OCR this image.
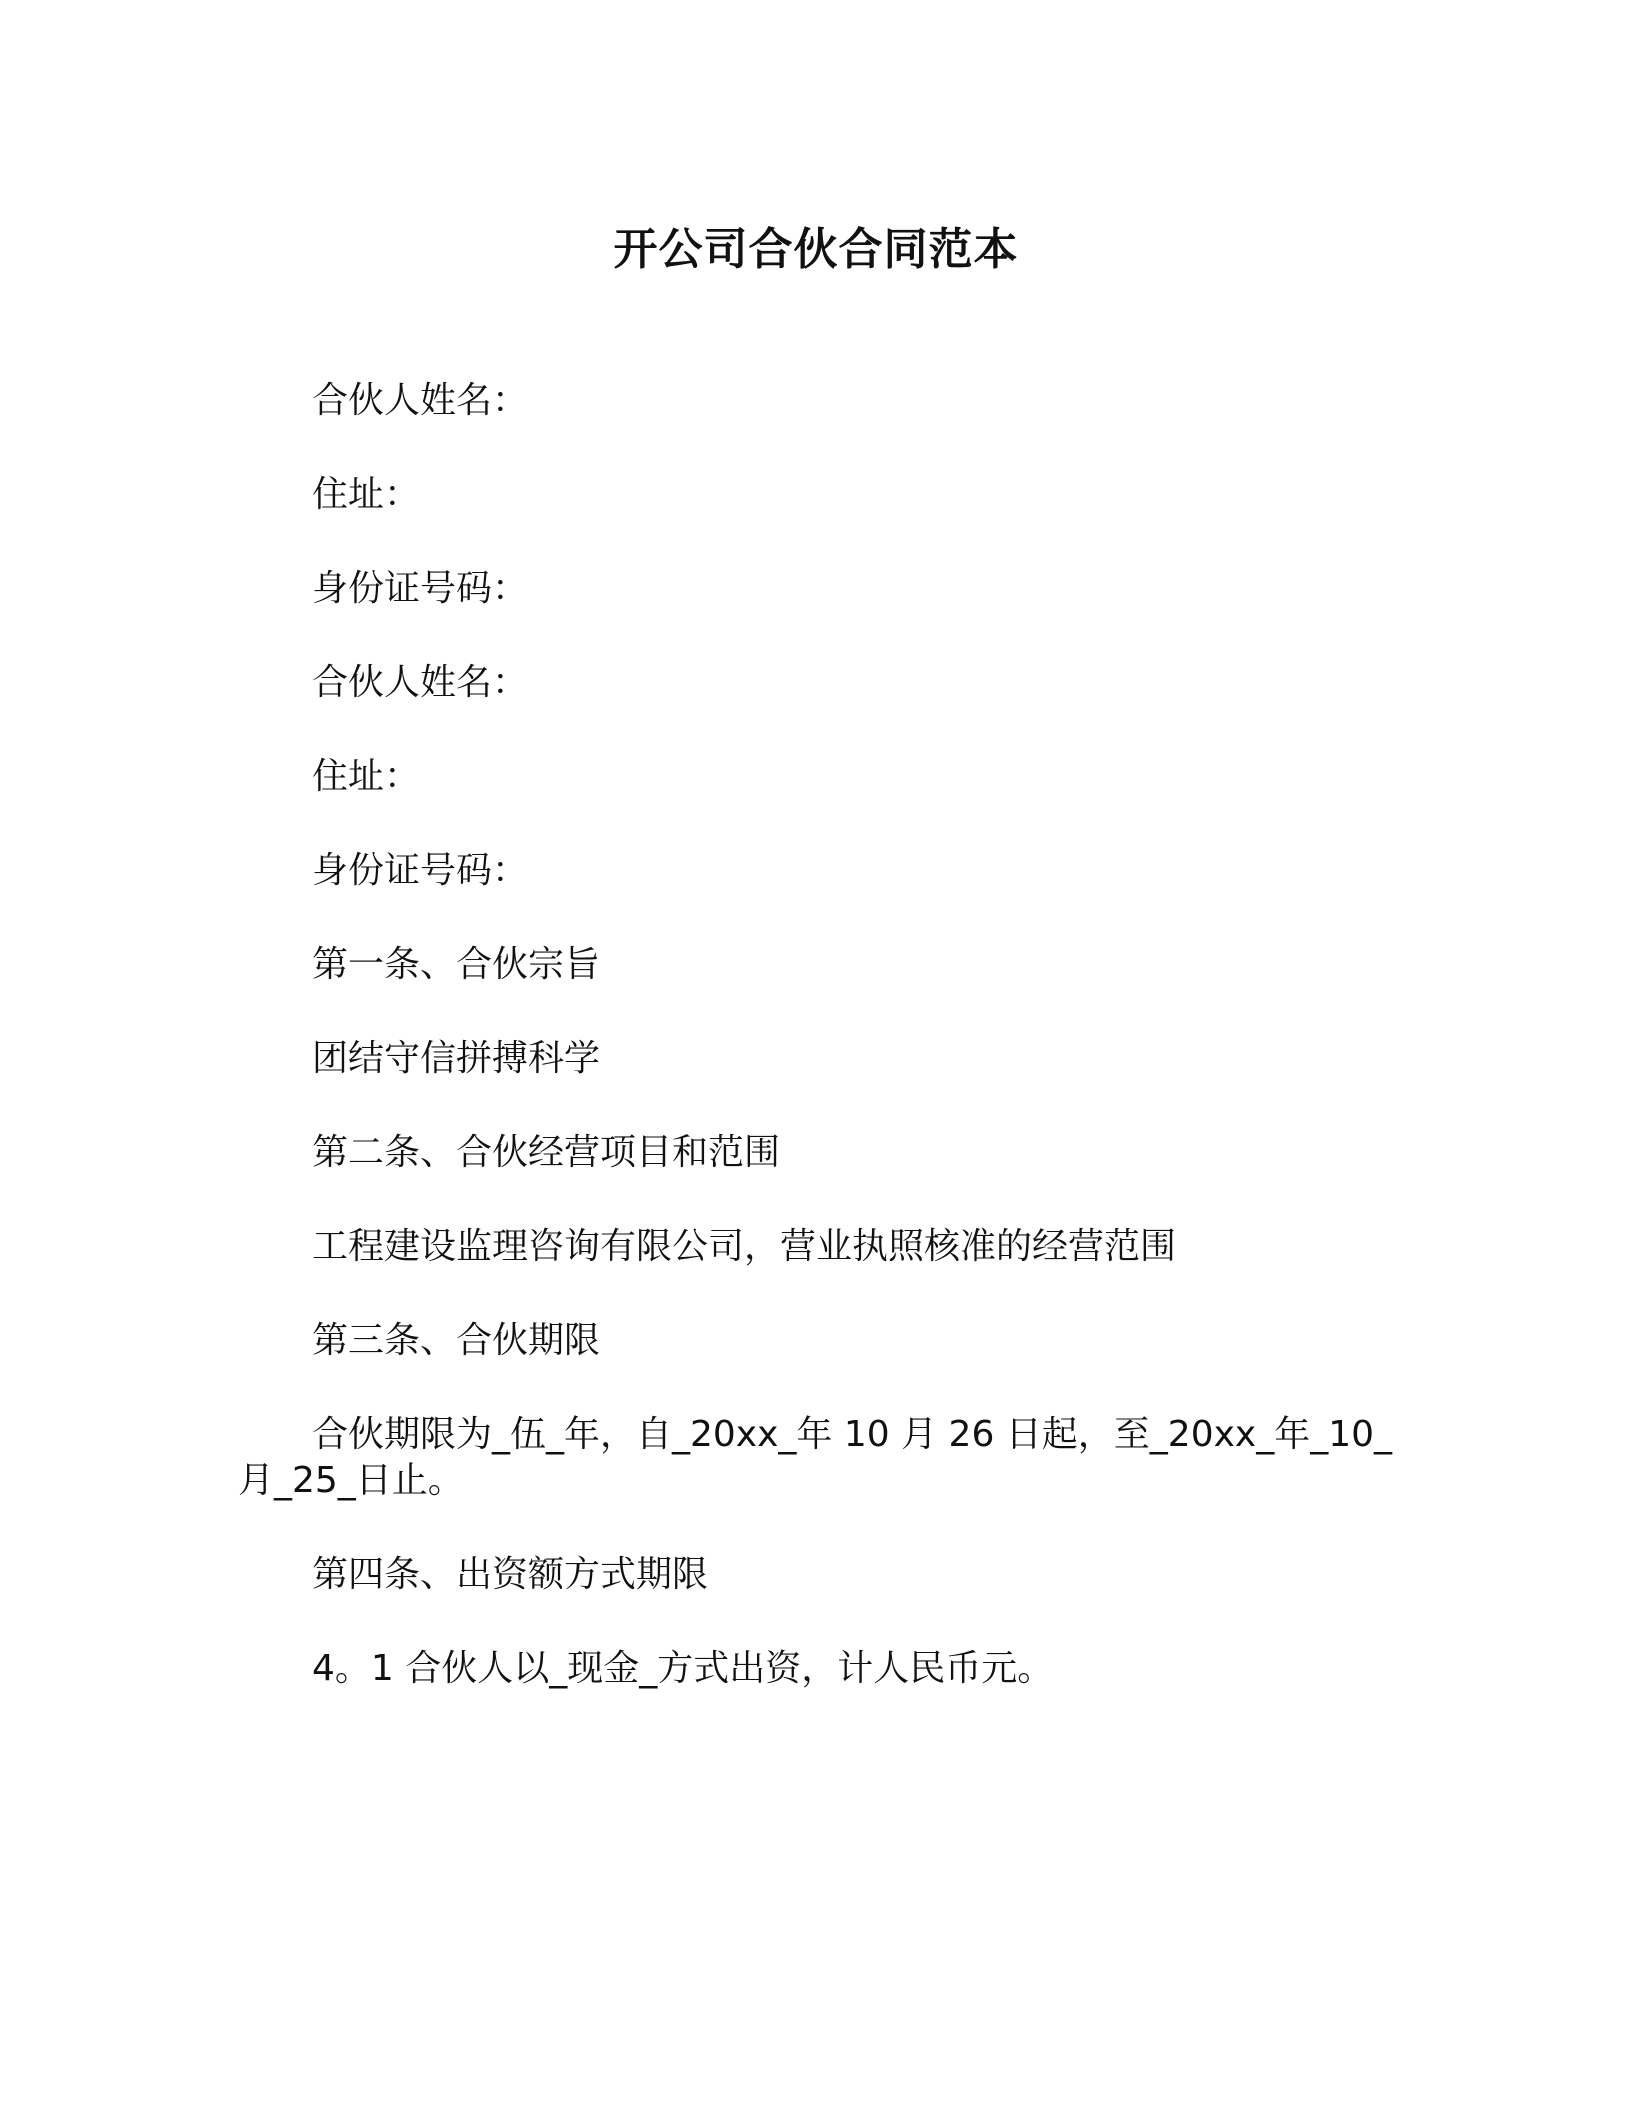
开公司合伙合同范本

合伙人姓名：

住址：

身份证号码：

合伙人姓名：

住址：

身份证号码：

第一条、合伙宗旨

团结守信拼搏科学

第二条、合伙经营项目和范围

工程建设监理咨询有限公司，营业执照核准的经营范围

第三条、合伙期限

合伙期限为_伍_年，自_20xx_年 10 月 26 日起，至_20xx_年_10_月_25_日止。

第四条、出资额方式期限

4。1 合伙人以_现金_方式出资，计人民币元。
